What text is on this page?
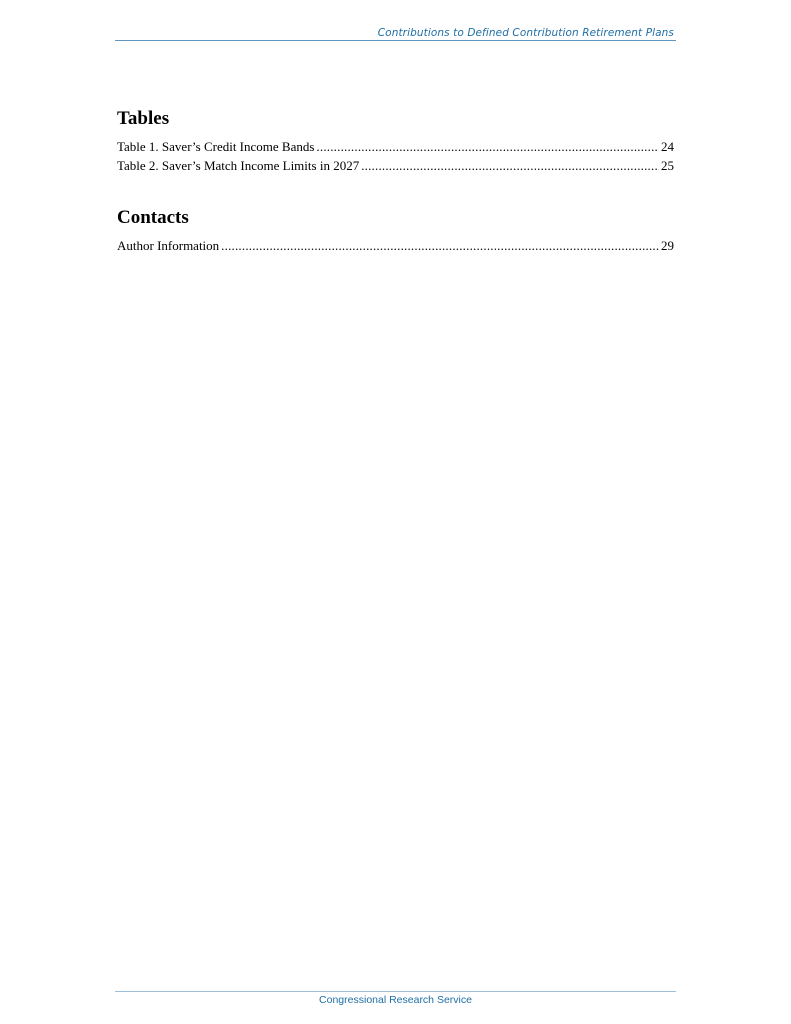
Contributions to Defined Contribution Retirement Plans
Tables
Table 1. Saver’s Credit Income Bands .....	24
Table 2. Saver’s Match Income Limits in 2027 .....	25
Contacts
Author Information .....	29
Congressional Research Service
